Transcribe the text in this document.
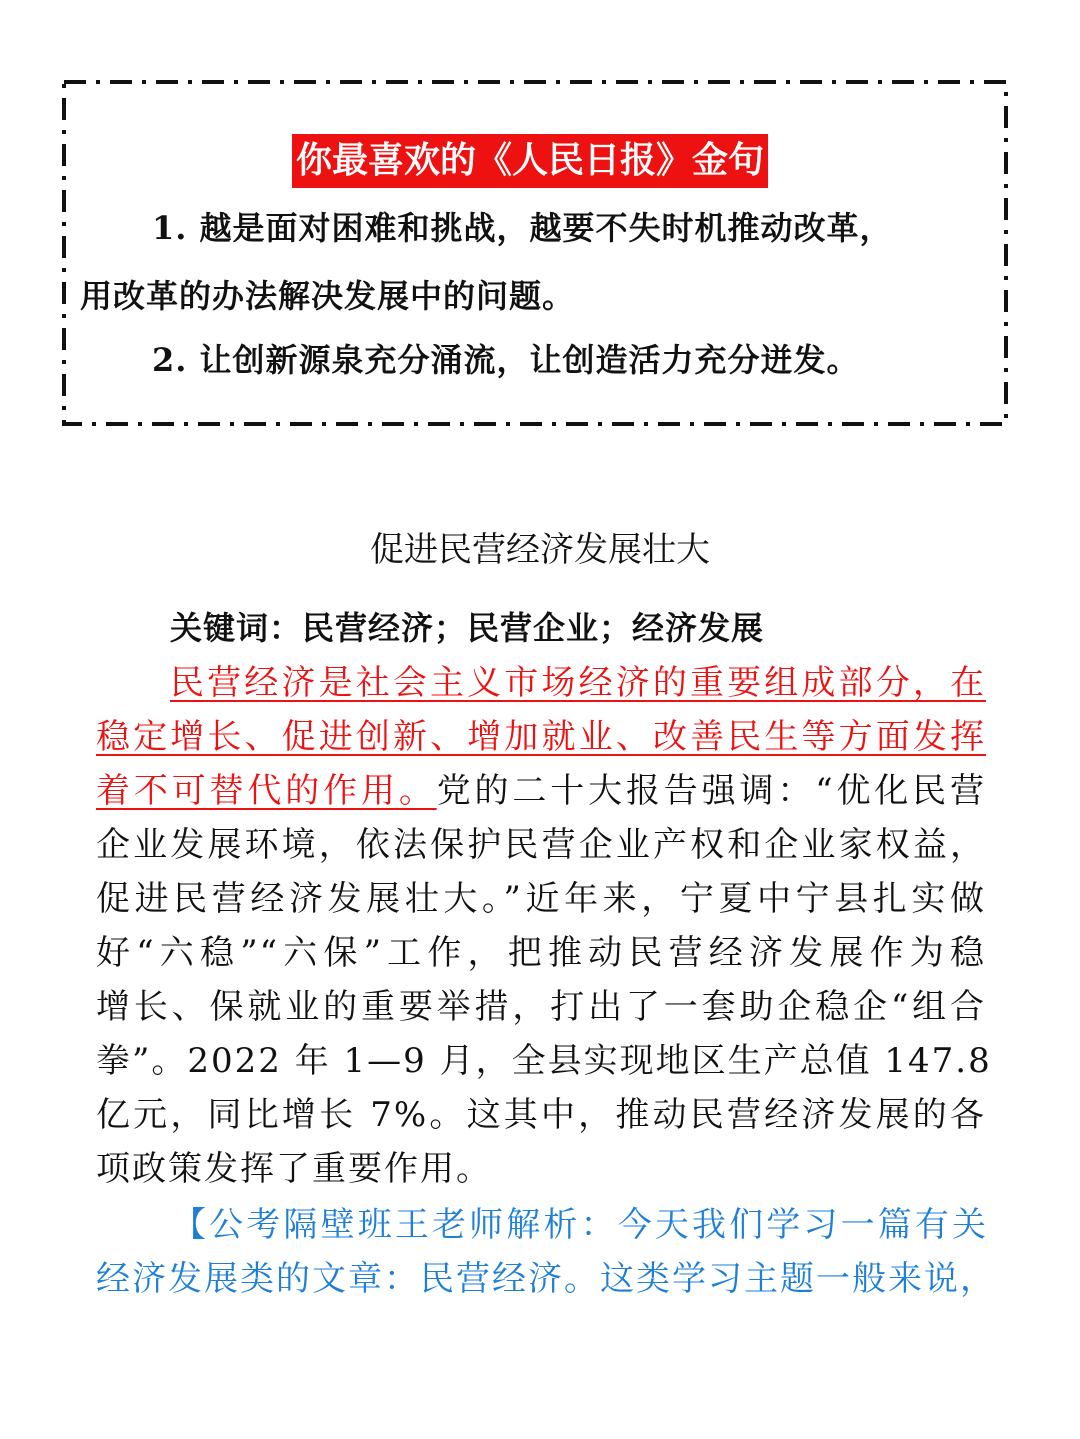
你最喜欢的《人民日报》金句
1. 越是面对困难和挑战，越要不失时机推动改革，
用改革的办法解决发展中的问题。
2. 让创新源泉充分涌流，让创造活力充分迸发。
促进民营经济发展壮大
关键词：民营经济；民营企业；经济发展
民营经济是社会主义市场经济的重要组成部分，在
稳定增长、促进创新、增加就业、改善民生等方面发挥
着不可替代的作用。党的二十大报告强调：“优化民营
企业发展环境，依法保护民营企业产权和企业家权益，
促进民营经济发展壮大。”近年来，宁夏中宁县扎实做
好“六稳”“六保”工作，把推动民营经济发展作为稳
增长、保就业的重要举措，打出了一套助企稳企“组合
拳”。2022 年 1—9 月，全县实现地区生产总值 147.8
亿元，同比增长 7%。这其中，推动民营经济发展的各
项政策发挥了重要作用。
【公考隔壁班王老师解析：今天我们学习一篇有关
经济发展类的文章：民营经济。这类学习主题一般来说，
